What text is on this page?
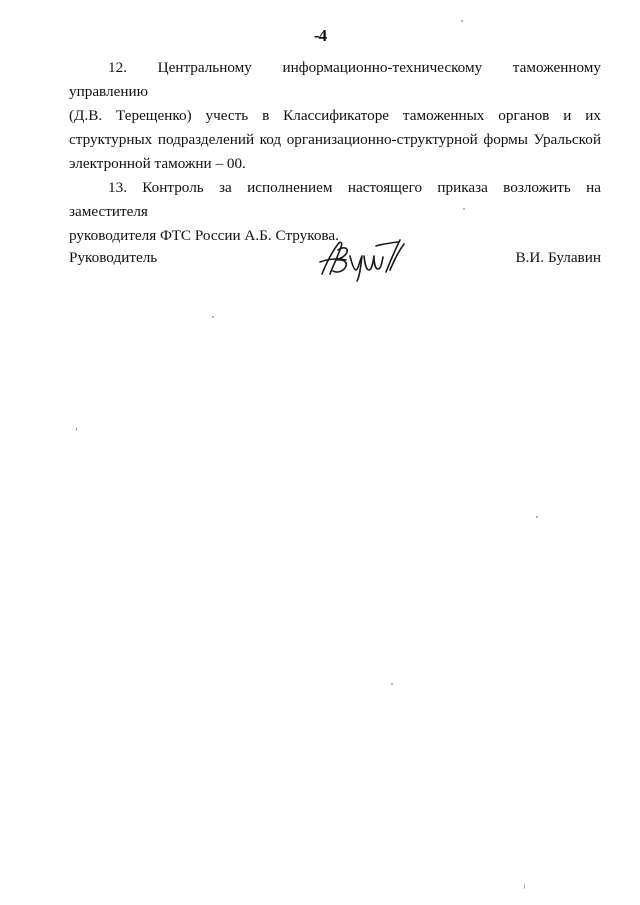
-4

12. Центральному информационно-техническому таможенному управлению
(Д.В. Терещенко) учесть в Классификаторе таможенных органов и их
структурных подразделений код организационно-структурной формы Уральской
электронной таможни – 00.

13. Контроль за исполнением настоящего приказа возложить на заместителя
руководителя ФТС России А.Б. Струкова.

Руководитель	В.И. Булавин
